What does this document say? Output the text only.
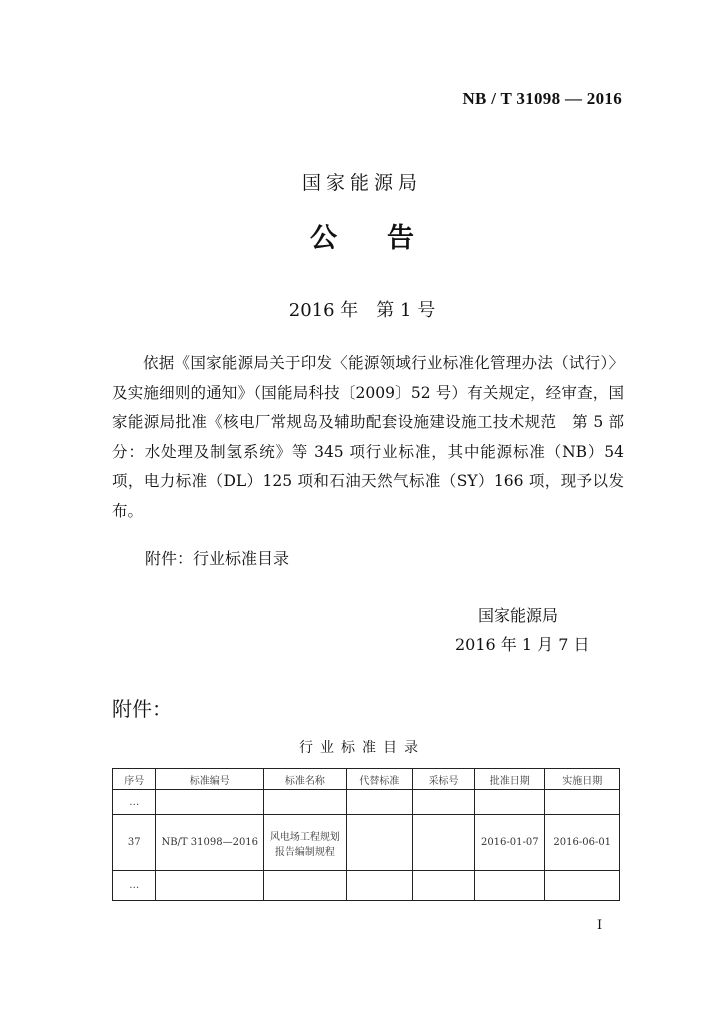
NB / T 31098 — 2016
国家能源局
公告
2016 年　第 1 号

依据《国家能源局关于印发〈能源领域行业标准化管理办法（试行）〉及实施细则的通知》（国能局科技〔2009〕52 号）有关规定，经审查，国家能源局批准《核电厂常规岛及辅助配套设施建设施工技术规范　第 5 部分：水处理及制氢系统》等 345 项行业标准，其中能源标准（NB）54 项，电力标准（DL）125 项和石油天然气标准（SY）166 项，现予以发布。

附件：行业标准目录
国家能源局
2016 年 1 月 7 日
附件：
行业标准目录
序号	标准编号	标准名称	代替标准	采标号	批准日期	实施日期
…						
37	NB/T 31098—2016	风电场工程规划报告编制规程			2016-01-07	2016-06-01
…						
I
